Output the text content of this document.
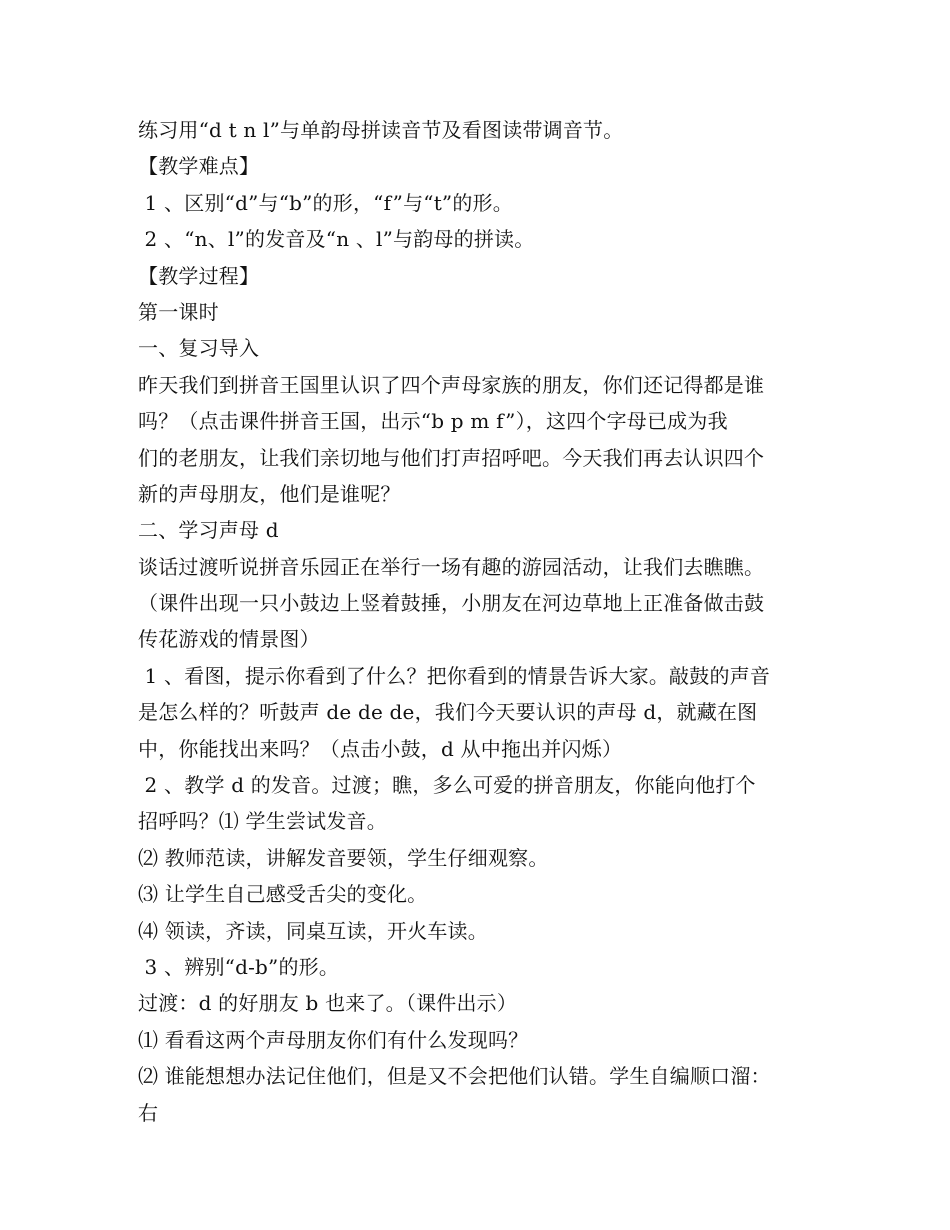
练习用“d t n l”与单韵母拼读音节及看图读带调音节。
【教学难点】
1 、区别“d”与“b”的形，“f”与“t”的形。
2 、“n、l”的发音及“n 、l”与韵母的拼读。
【教学过程】
第一课时
一、复习导入
昨天我们到拼音王国里认识了四个声母家族的朋友，你们还记得都是谁
吗？（点击课件拼音王国，出示“b p m f”），这四个字母已成为我
们的老朋友，让我们亲切地与他们打声招呼吧。今天我们再去认识四个
新的声母朋友，他们是谁呢？
二、学习声母 d
谈话过渡听说拼音乐园正在举行一场有趣的游园活动，让我们去瞧瞧。
（课件出现一只小鼓边上竖着鼓捶，小朋友在河边草地上正准备做击鼓
传花游戏的情景图）
1 、看图，提示你看到了什么？把你看到的情景告诉大家。敲鼓的声音
是怎么样的？听鼓声 de de de，我们今天要认识的声母 d，就藏在图
中，你能找出来吗？（点击小鼓，d 从中拖出并闪烁）
2 、教学 d 的发音。过渡；瞧，多么可爱的拼音朋友，你能向他打个
招呼吗？⑴ 学生尝试发音。
⑵ 教师范读，讲解发音要领，学生仔细观察。
⑶ 让学生自己感受舌尖的变化。
⑷ 领读，齐读，同桌互读，开火车读。
3 、辨别“d-b”的形。
过渡：d 的好朋友 b 也来了。（课件出示）
⑴ 看看这两个声母朋友你们有什么发现吗？
⑵ 谁能想想办法记住他们，但是又不会把他们认错。学生自编顺口溜：
右
